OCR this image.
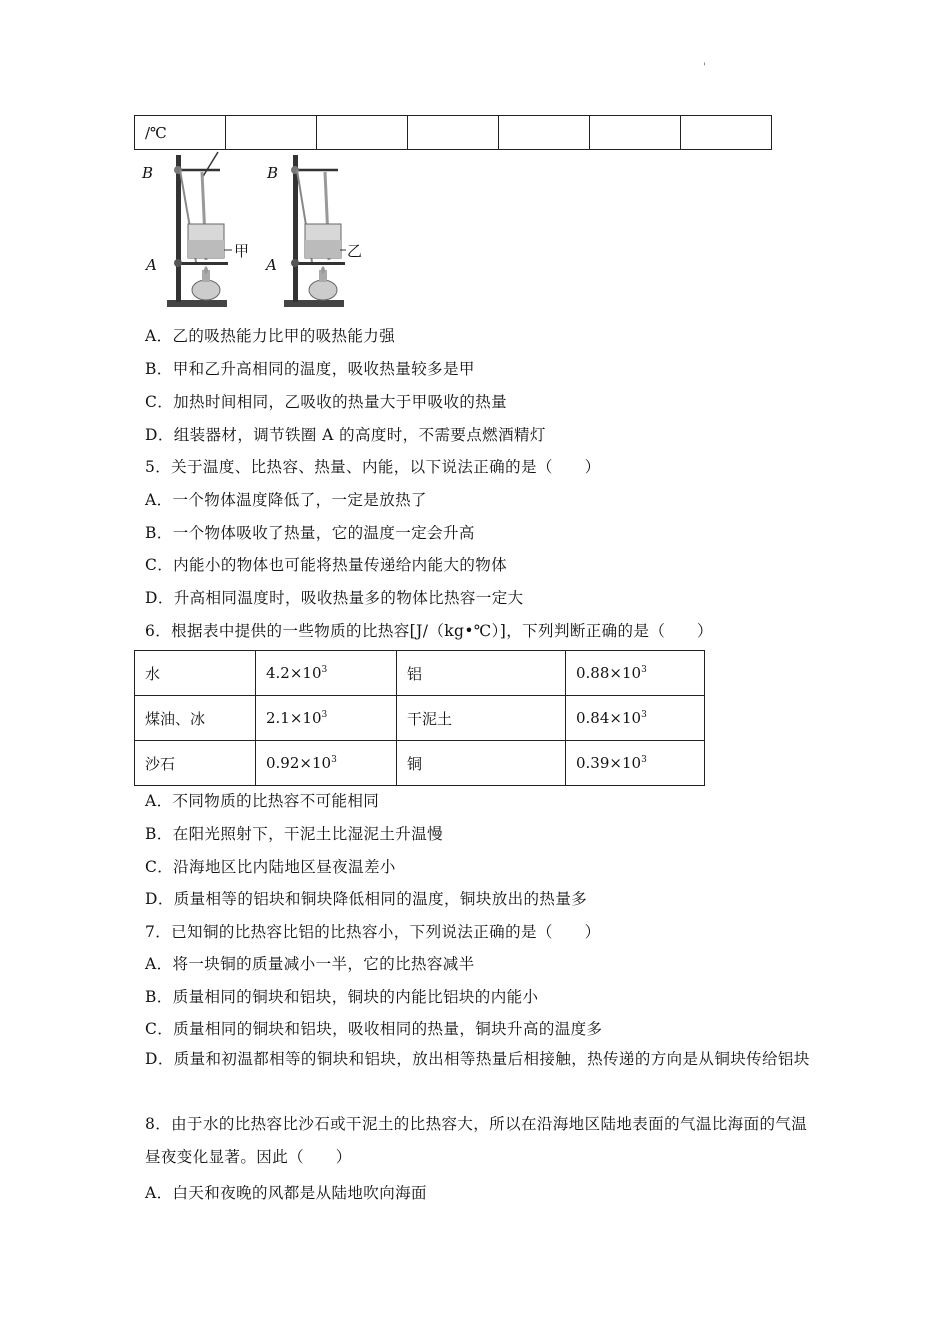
'
/℃						
B
A
甲
B
A
乙
A．乙的吸热能力比甲的吸热能力强
B．甲和乙升高相同的温度，吸收热量较多是甲
C．加热时间相同，乙吸收的热量大于甲吸收的热量
D．组装器材，调节铁圈 A 的高度时，不需要点燃酒精灯
5．关于温度、比热容、热量、内能，以下说法正确的是（　　）
A．一个物体温度降低了，一定是放热了
B．一个物体吸收了热量，它的温度一定会升高
C．内能小的物体也可能将热量传递给内能大的物体
D．升高相同温度时，吸收热量多的物体比热容一定大
6．根据表中提供的一些物质的比热容[J/（kg•℃）]，下列判断正确的是（　　）
水	$4.2\times 10^3$	铝	$0.88\times 10^3$
煤油、冰	$2.1\times 10^3$	干泥土	$0.84\times 10^3$
沙石	$0.92\times 10^3$	铜	$0.39\times 10^3$
A．不同物质的比热容不可能相同
B．在阳光照射下，干泥土比湿泥土升温慢
C．沿海地区比内陆地区昼夜温差小
D．质量相等的铝块和铜块降低相同的温度，铜块放出的热量多
7．已知铜的比热容比铝的比热容小，下列说法正确的是（　　）
A．将一块铜的质量减小一半，它的比热容减半
B．质量相同的铜块和铝块，铜块的内能比铝块的内能小
C．质量相同的铜块和铝块，吸收相同的热量，铜块升高的温度多
D．质量和初温都相等的铜块和铝块，放出相等热量后相接触，热传递的方向是从铜块传给铝块
8．由于水的比热容比沙石或干泥土的比热容大，所以在沿海地区陆地表面的气温比海面的气温昼夜变化显著。因此（　　）
A．白天和夜晚的风都是从陆地吹向海面
